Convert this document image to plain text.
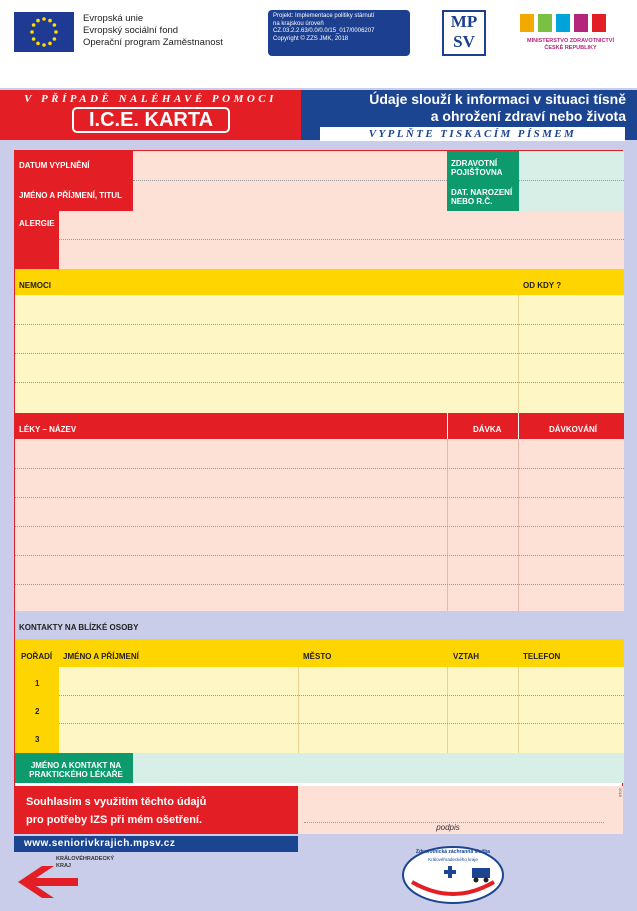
Evropská unie
Evropský sociální fond
Operační program Zaměstnanost
Projekt: Implementace politiky stárnutí
na krajskou úroveň
CZ.03.2.2.63/0.0/0.0/15_017/0006207
Copyright © ZZS JMK, 2018
MP
SV	MINISTERSTVO ZDRAVOTNICTVÍ
ČESKÉ REPUBLIKY
V PŘÍPADĚ NALÉHAVÉ POMOCI
I.C.E. KARTA
Údaje slouží k informaci v situaci tísně
a ohrožení zdraví nebo života
VYPLŇTE TISKACÍM PÍSMEM
DATUM VYPLNĚNÍ
JMÉNO A PŘÍJMENÍ, TITUL
ZDRAVOTNÍ POJIŠŤOVNA
DAT. NAROZENÍ NEBO R.Č.
ALERGIE
NEMOCI	OD KDY ?
LÉKY – NÁZEV	DÁVKA	DÁVKOVÁNÍ
KONTAKTY NA BLÍZKÉ OSOBY
POŘADÍ	JMÉNO A PŘÍJMENÍ	MĚSTO	VZTAH	TELEFON
1
2
3
JMÉNO A KONTAKT NA PRAKTICKÉHO LÉKAŘE
Souhlasím s využitím těchto údajů
pro potřeby IZS při mém ošetření.
podpis
2018
www.seniorivkrajich.mpsv.cz
KRÁLOVÉHRADECKÝ
KRAJ
Zdravotnická záchranná služba
Královéhradeckého kraje
